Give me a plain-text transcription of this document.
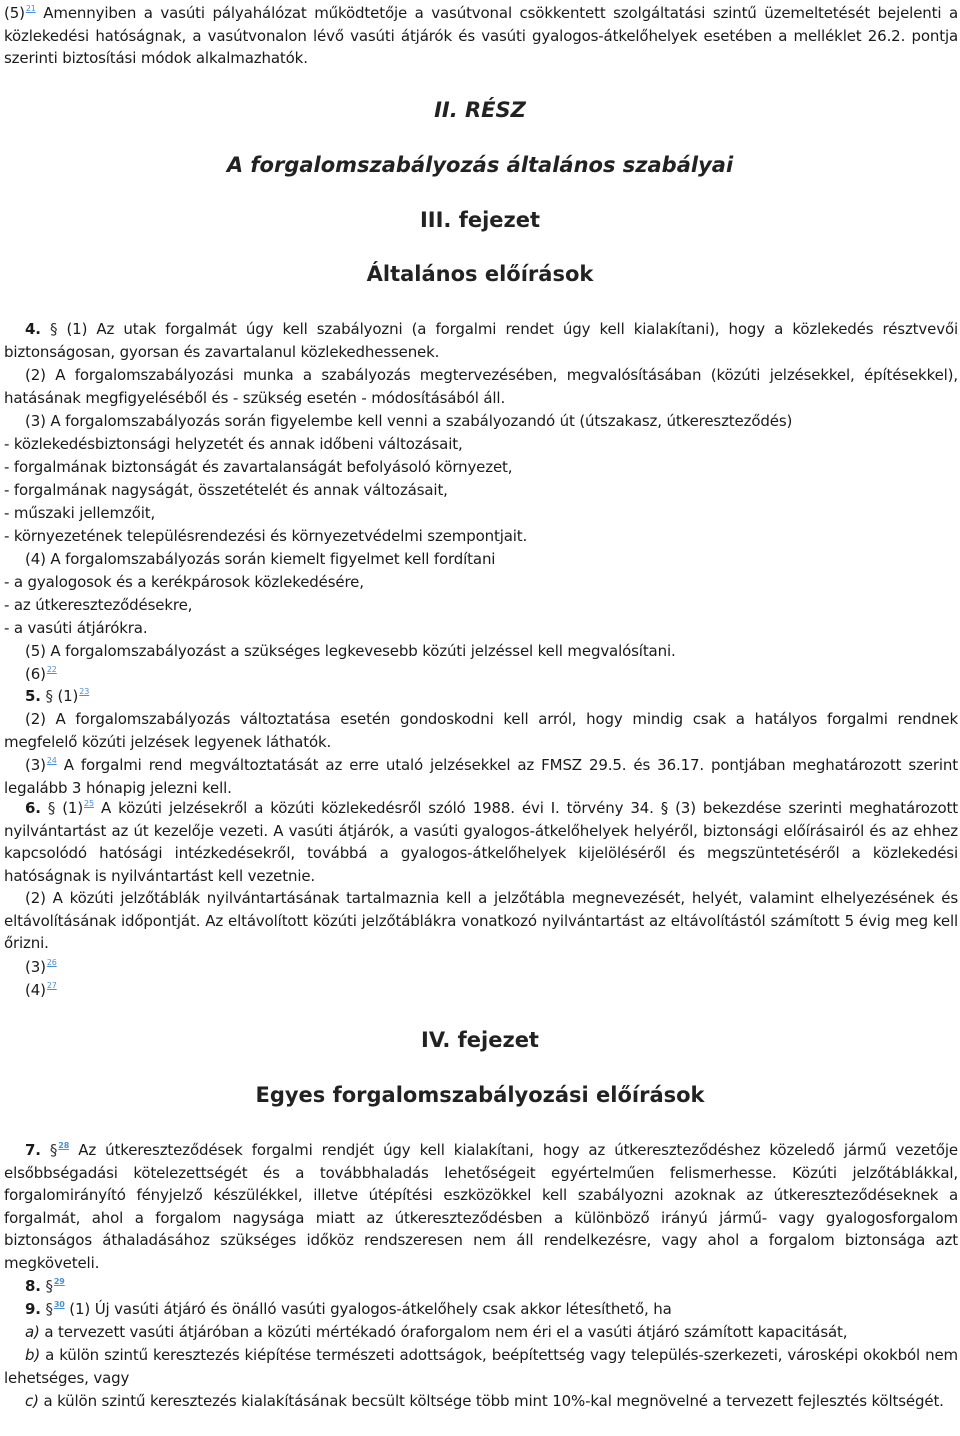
(5)$^{21}$ Amennyiben a vasúti pályahálózat működtetője a vasútvonal csökkentett szolgáltatási szintű üzemeltetését bejelenti a közlekedési hatóságnak, a vasútvonalon lévő vasúti átjárók és vasúti gyalogos-átkelőhelyek esetében a melléklet 26.2. pontja szerinti biztosítási módok alkalmazhatók.
II. RÉSZ
A forgalomszabályozás általános szabályai
III. fejezet
Általános előírások
4. § (1) Az utak forgalmát úgy kell szabályozni (a forgalmi rendet úgy kell kialakítani), hogy a közlekedés résztvevői biztonságosan, gyorsan és zavartalanul közlekedhessenek.
(2) A forgalomszabályozási munka a szabályozás megtervezésében, megvalósításában (közúti jelzésekkel, építésekkel), hatásának megfigyeléséből és - szükség esetén - módosításából áll.
(3) A forgalomszabályozás során figyelembe kell venni a szabályozandó út (útszakasz, útkereszteződés)
- közlekedésbiztonsági helyzetét és annak időbeni változásait,
- forgalmának biztonságát és zavartalanságát befolyásoló környezet,
- forgalmának nagyságát, összetételét és annak változásait,
- műszaki jellemzőit,
- környezetének településrendezési és környezetvédelmi szempontjait.
(4) A forgalomszabályozás során kiemelt figyelmet kell fordítani
- a gyalogosok és a kerékpárosok közlekedésére,
- az útkereszteződésekre,
- a vasúti átjárókra.
(5) A forgalomszabályozást a szükséges legkevesebb közúti jelzéssel kell megvalósítani.
(6)$^{22}$
5. § (1)$^{23}$
(2) A forgalomszabályozás változtatása esetén gondoskodni kell arról, hogy mindig csak a hatályos forgalmi rendnek megfelelő közúti jelzések legyenek láthatók.
(3)$^{24}$ A forgalmi rend megváltoztatását az erre utaló jelzésekkel az FMSZ 29.5. és 36.17. pontjában meghatározott szerint legalább 3 hónapig jelezni kell.
6. § (1)$^{25}$ A közúti jelzésekről a közúti közlekedésről szóló 1988. évi I. törvény 34. § (3) bekezdése szerinti meghatározott nyilvántartást az út kezelője vezeti. A vasúti átjárók, a vasúti gyalogos-átkelőhelyek helyéről, biztonsági előírásairól és az ehhez kapcsolódó hatósági intézkedésekről, továbbá a gyalogos-átkelőhelyek kijelöléséről és megszüntetéséről a közlekedési hatóságnak is nyilvántartást kell vezetnie.
(2) A közúti jelzőtáblák nyilvántartásának tartalmaznia kell a jelzőtábla megnevezését, helyét, valamint elhelyezésének és eltávolításának időpontját. Az eltávolított közúti jelzőtáblákra vonatkozó nyilvántartást az eltávolítástól számított 5 évig meg kell őrizni.
(3)$^{26}$
(4)$^{27}$
IV. fejezet
Egyes forgalomszabályozási előírások
7. §$^{28}$ Az útkereszteződések forgalmi rendjét úgy kell kialakítani, hogy az útkereszteződéshez közeledő jármű vezetője elsőbbségadási kötelezettségét és a továbbhaladás lehetőségeit egyértelműen felismerhesse. Közúti jelzőtáblákkal, forgalomirányító fényjelző készülékkel, illetve útépítési eszközökkel kell szabályozni azoknak az útkereszteződéseknek a forgalmát, ahol a forgalom nagysága miatt az útkereszteződésben a különböző irányú jármű- vagy gyalogosforgalom biztonságos áthaladásához szükséges időköz rendszeresen nem áll rendelkezésre, vagy ahol a forgalom biztonsága azt megköveteli.
8. §$^{29}$
9. §$^{30}$ (1) Új vasúti átjáró és önálló vasúti gyalogos-átkelőhely csak akkor létesíthető, ha
a) a tervezett vasúti átjáróban a közúti mértékadó óraforgalom nem éri el a vasúti átjáró számított kapacitását,
b) a külön szintű keresztezés kiépítése természeti adottságok, beépítettség vagy település-szerkezeti, városképi okokból nem lehetséges, vagy
c) a külön szintű keresztezés kialakításának becsült költsége több mint 10%-kal megnövelné a tervezett fejlesztés költségét.
